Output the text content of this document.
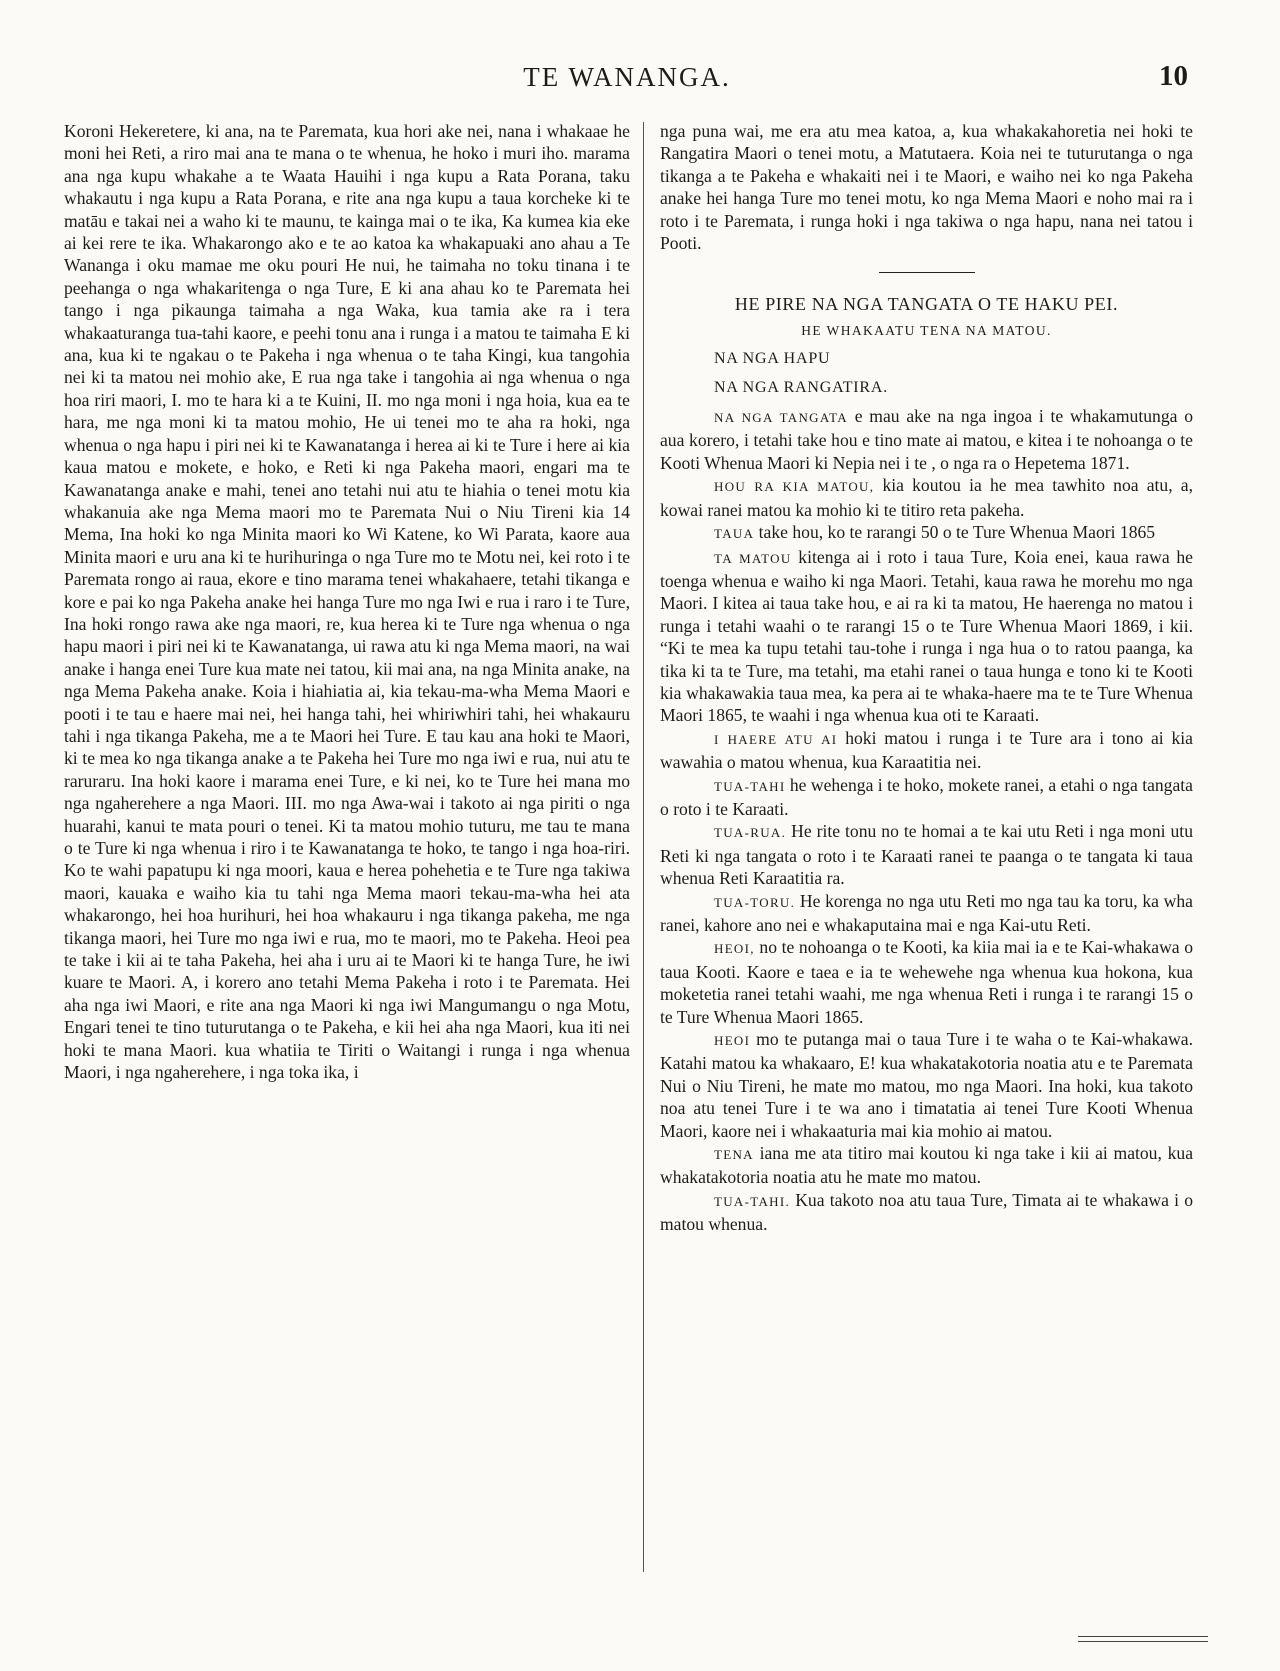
TE WANANGA.	10

Koroni Hekeretere, ki ana, na te Paremata, kua hori ake nei, nana i whakaae he moni hei Reti, a riro mai ana te mana o te whenua, he hoko i muri iho. marama ana nga kupu whakahe a te Waata Hauihi i nga kupu a Rata Porana, taku whakautu i nga kupu a Rata Porana, e rite ana nga kupu a taua korcheke ki te matāu e takai nei a waho ki te maunu, te kainga mai o te ika, Ka kumea kia eke ai kei rere te ika. Whakarongo ako e te ao katoa ka whakapuaki ano ahau a Te Wananga i oku mamae me oku pouri He nui, he taimaha no toku tinana i te peehanga o nga whakaritenga o nga Ture, E ki ana ahau ko te Paremata hei tango i nga pikaunga taimaha a nga Waka, kua tamia ake ra i tera whakaaturanga tua-tahi kaore, e peehi tonu ana i runga i a matou te taimaha E ki ana, kua ki te ngakau o te Pakeha i nga whenua o te taha Kingi, kua tangohia nei ki ta matou nei mohio ake, E rua nga take i tangohia ai nga whenua o nga hoa riri maori, I. mo te hara ki a te Kuini, II. mo nga moni i nga hoia, kua ea te hara, me nga moni ki ta matou mohio, He ui tenei mo te aha ra hoki, nga whenua o nga hapu i piri nei ki te Kawanatanga i herea ai ki te Ture i here ai kia kaua matou e mokete, e hoko, e Reti ki nga Pakeha maori, engari ma te Kawanatanga anake e mahi, tenei ano tetahi nui atu te hiahia o tenei motu kia whakanuia ake nga Mema maori mo te Paremata Nui o Niu Tireni kia 14 Mema, Ina hoki ko nga Minita maori ko Wi Katene, ko Wi Parata, kaore aua Minita maori e uru ana ki te hurihuringa o nga Ture mo te Motu nei, kei roto i te Paremata rongo ai raua, ekore e tino marama tenei whakahaere, tetahi tikanga e kore e pai ko nga Pakeha anake hei hanga Ture mo nga Iwi e rua i raro i te Ture, Ina hoki rongo rawa ake nga maori, re, kua herea ki te Ture nga whenua o nga hapu maori i piri nei ki te Kawanatanga, ui rawa atu ki nga Mema maori, na wai anake i hanga enei Ture kua mate nei tatou, kii mai ana, na nga Minita anake, na nga Mema Pakeha anake. Koia i hiahiatia ai, kia tekau-ma-wha Mema Maori e pooti i te tau e haere mai nei, hei hanga tahi, hei whiriwhiri tahi, hei whakauru tahi i nga tikanga Pakeha, me a te Maori hei Ture. E tau kau ana hoki te Maori, ki te mea ko nga tikanga anake a te Pakeha hei Ture mo nga iwi e rua, nui atu te raruraru. Ina hoki kaore i marama enei Ture, e ki nei, ko te Ture hei mana mo nga ngaherehere a nga Maori. III. mo nga Awa-wai i takoto ai nga piriti o nga huarahi, kanui te mata pouri o tenei. Ki ta matou mohio tuturu, me tau te mana o te Ture ki nga whenua i riro i te Kawanatanga te hoko, te tango i nga hoa-riri. Ko te wahi papatupu ki nga moori, kaua e herea pohehetia e te Ture nga takiwa maori, kauaka e waiho kia tu tahi nga Mema maori tekau-ma-wha hei ata whakarongo, hei hoa hurihuri, hei hoa whakauru i nga tikanga pakeha, me nga tikanga maori, hei Ture mo nga iwi e rua, mo te maori, mo te Pakeha. Heoi pea te take i kii ai te taha Pakeha, hei aha i uru ai te Maori ki te hanga Ture, he iwi kuare te Maori. A, i korero ano tetahi Mema Pakeha i roto i te Paremata. Hei aha nga iwi Maori, e rite ana nga Maori ki nga iwi Mangumangu o nga Motu, Engari tenei te tino tuturutanga o te Pakeha, e kii hei aha nga Maori, kua iti nei hoki te mana Maori. kua whatiia te Tiriti o Waitangi i runga i nga whenua Maori, i nga ngaherehere, i nga toka ika, i

nga puna wai, me era atu mea katoa, a, kua whakakahoretia nei hoki te Rangatira Maori o tenei motu, a Matutaera. Koia nei te tuturutanga o nga tikanga a te Pakeha e whakaiti nei i te Maori, e waiho nei ko nga Pakeha anake hei hanga Ture mo tenei motu, ko nga Mema Maori e noho mai ra i roto i te Paremata, i runga hoki i nga takiwa o nga hapu, nana nei tatou i Pooti.

HE PIRE NA NGA TANGATA O TE HAKU PEI.
HE WHAKAATU TENA NA MATOU.
NA NGA HAPU
NA NGA RANGATIRA.

NA NGA TANGATA e mau ake na nga ingoa i te whakamutunga o aua korero, i tetahi take hou e tino mate ai matou, e kitea i te nohoanga o te Kooti Whenua Maori ki Nepia nei i te , o nga ra o Hepetema 1871.

HOU RA KIA MATOU, kia koutou ia he mea tawhito noa atu, a, kowai ranei matou ka mohio ki te titiro reta pakeha.

TAUA take hou, ko te rarangi 50 o te Ture Whenua Maori 1865

TA MATOU kitenga ai i roto i taua Ture, Koia enei, kaua rawa he toenga whenua e waiho ki nga Maori. Tetahi, kaua rawa he morehu mo nga Maori. I kitea ai taua take hou, e ai ra ki ta matou, He haerenga no matou i runga i tetahi waahi o te rarangi 15 o te Ture Whenua Maori 1869, i kii. “Ki te mea ka tupu tetahi tau-tohe i runga i nga hua o to ratou paanga, ka tika ki ta te Ture, ma tetahi, ma etahi ranei o taua hunga e tono ki te Kooti kia whakawakia taua mea, ka pera ai te whaka-haere ma te te Ture Whenua Maori 1865, te waahi i nga whenua kua oti te Karaati.

I HAERE ATU AI hoki matou i runga i te Ture ara i tono ai kia wawahia o matou whenua, kua Karaatitia nei.

TUA-TAHI he wehenga i te hoko, mokete ranei, a etahi o nga tangata o roto i te Karaati.

TUA-RUA. He rite tonu no te homai a te kai utu Reti i nga moni utu Reti ki nga tangata o roto i te Karaati ranei te paanga o te tangata ki taua whenua Reti Karaatitia ra.

TUA-TORU. He korenga no nga utu Reti mo nga tau ka toru, ka wha ranei, kahore ano nei e whakaputaina mai e nga Kai-utu Reti.

HEOI, no te nohoanga o te Kooti, ka kiia mai ia e te Kai-whakawa o taua Kooti. Kaore e taea e ia te wehewehe nga whenua kua hokona, kua moketetia ranei tetahi waahi, me nga whenua Reti i runga i te rarangi 15 o te Ture Whenua Maori 1865.

HEOI mo te putanga mai o taua Ture i te waha o te Kai-whakawa. Katahi matou ka whakaaro, E! kua whakatakotoria noatia atu e te Paremata Nui o Niu Tireni, he mate mo matou, mo nga Maori. Ina hoki, kua takoto noa atu tenei Ture i te wa ano i timatatia ai tenei Ture Kooti Whenua Maori, kaore nei i whakaaturia mai kia mohio ai matou.

TENA iana me ata titiro mai koutou ki nga take i kii ai matou, kua whakatakotoria noatia atu he mate mo matou.

TUA-TAHI. Kua takoto noa atu taua Ture, Timata ai te whakawa i o matou whenua.
